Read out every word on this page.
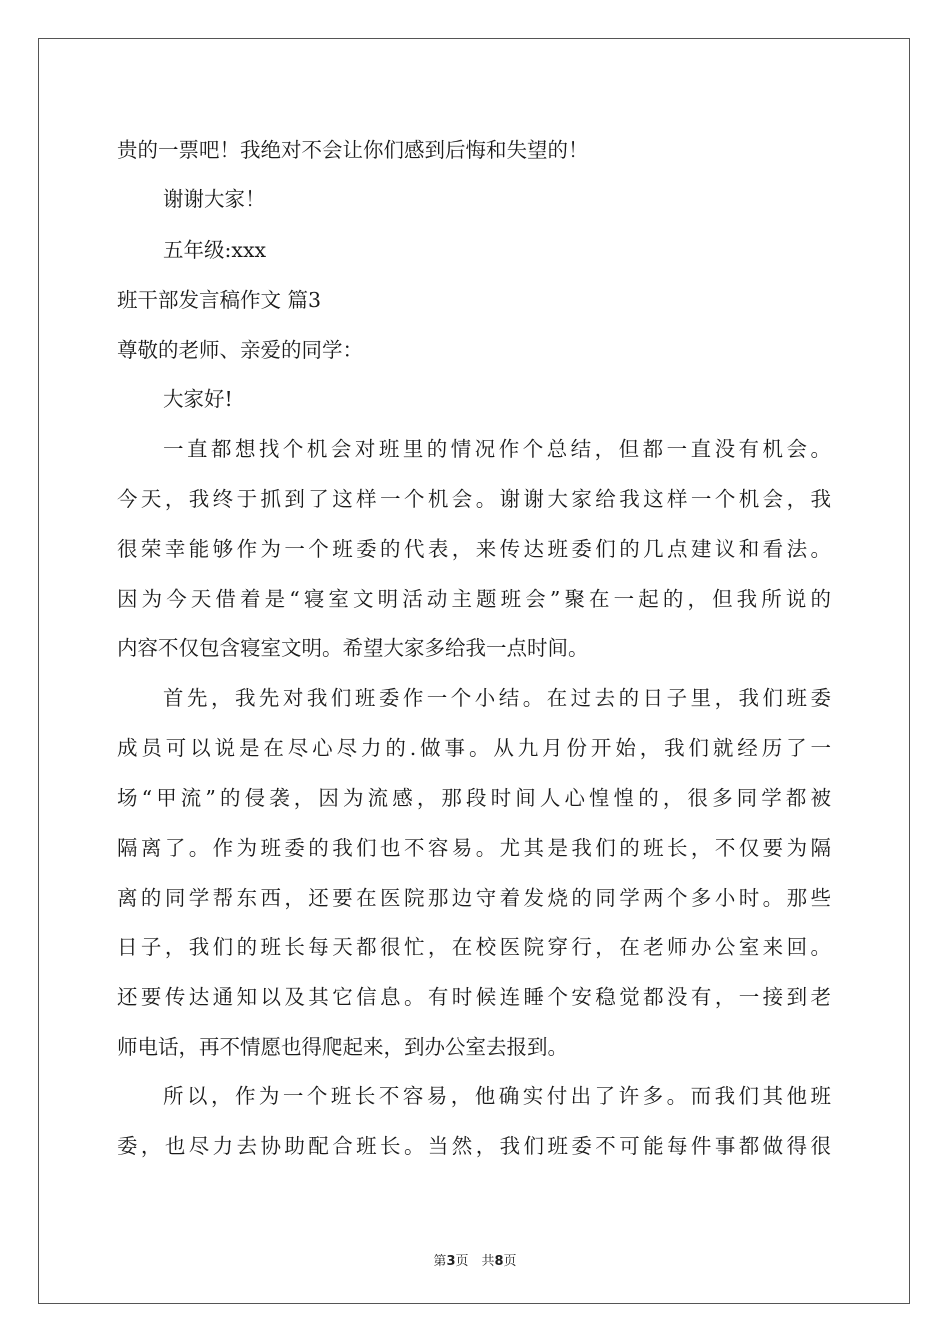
贵的一票吧！我绝对不会让你们感到后悔和失望的！
谢谢大家！
五年级:xxx
班干部发言稿作文 篇3
尊敬的老师、亲爱的同学：
大家好!
一直都想找个机会对班里的情况作个总结，但都一直没有机会。
今天，我终于抓到了这样一个机会。谢谢大家给我这样一个机会，我
很荣幸能够作为一个班委的代表，来传达班委们的几点建议和看法。
因为今天借着是“寝室文明活动主题班会”聚在一起的，但我所说的
内容不仅包含寝室文明。希望大家多给我一点时间。
首先，我先对我们班委作一个小结。在过去的日子里，我们班委
成员可以说是在尽心尽力的.做事。从九月份开始，我们就经历了一
场“甲流”的侵袭，因为流感，那段时间人心惶惶的，很多同学都被
隔离了。作为班委的我们也不容易。尤其是我们的班长，不仅要为隔
离的同学帮东西，还要在医院那边守着发烧的同学两个多小时。那些
日子，我们的班长每天都很忙，在校医院穿行，在老师办公室来回。
还要传达通知以及其它信息。有时候连睡个安稳觉都没有，一接到老
师电话，再不情愿也得爬起来，到办公室去报到。
所以，作为一个班长不容易，他确实付出了许多。而我们其他班
委，也尽力去协助配合班长。当然，我们班委不可能每件事都做得很
第3页　共8页
